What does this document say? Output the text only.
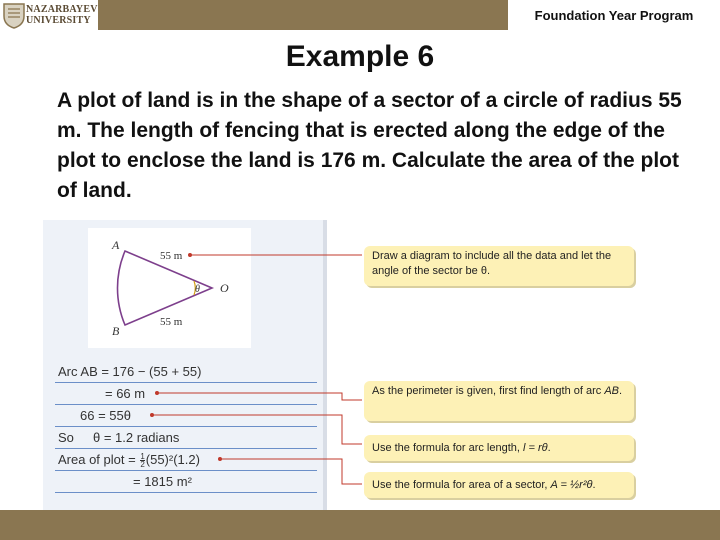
NAZARBAYEV
UNIVERSITY	Foundation Year Program
Example 6
A plot of land is in the shape of a sector of a circle of radius 55 m. The length of fencing that is erected along the edge of the plot to enclose the land is 176 m. Calculate the area of the plot of land.
Arc AB = 176 − (55 + 55)
= 66 m
66 = 55θ
So θ = 1.2 radians
Area of plot = $\frac{1}{2} (55)^2(1.2)$
= 1815 m²
A
B
O
θ
55 m
55 m
Draw a diagram to include all the data and let the angle of the sector be θ.
As the perimeter is given, first find length of arc AB.
Use the formula for arc length, l = rθ.
Use the formula for area of a sector, A = ½r²θ.
